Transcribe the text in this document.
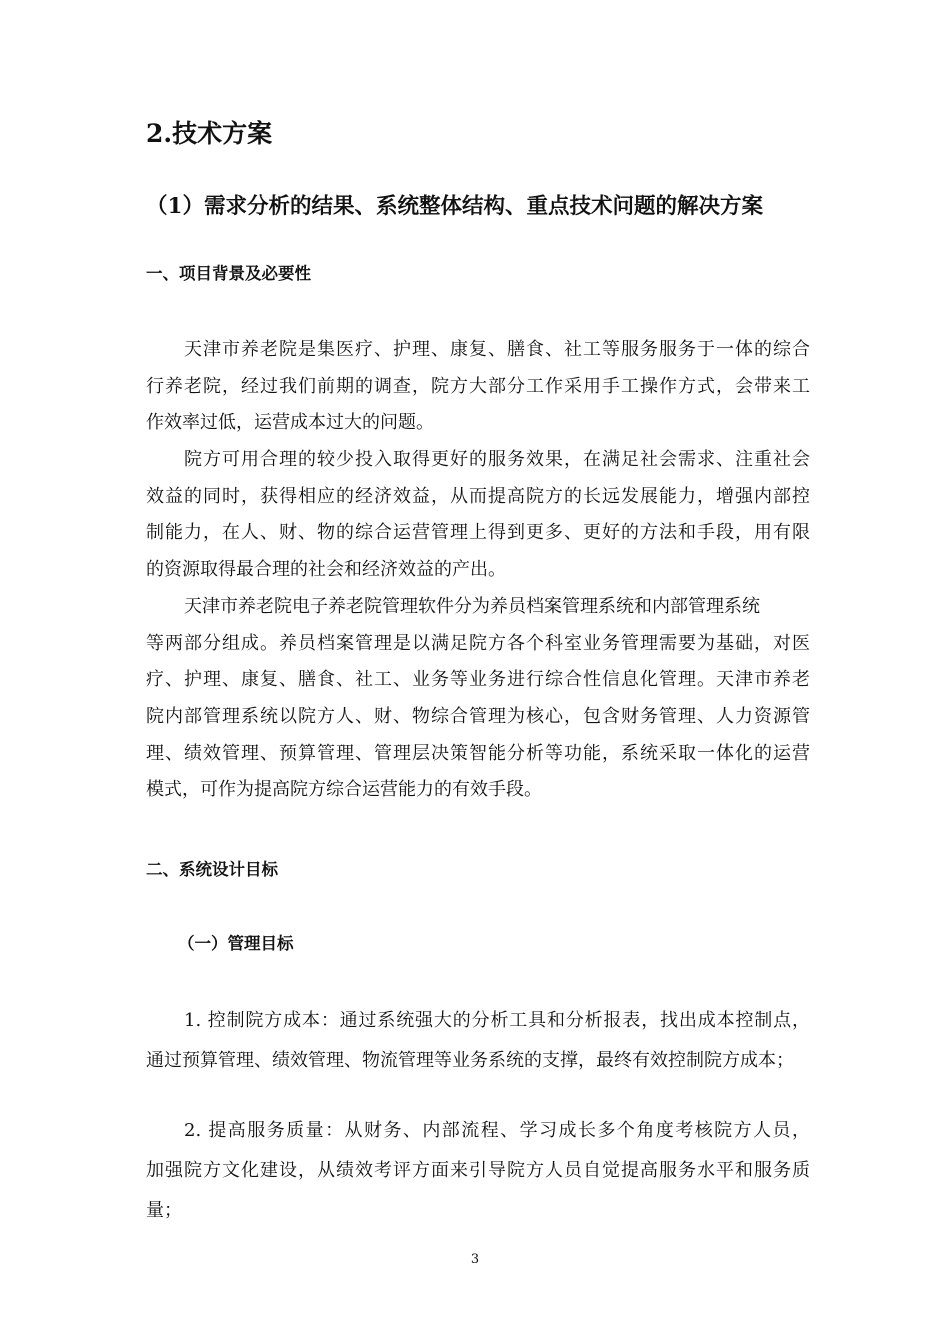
2.技术方案
（1）需求分析的结果、系统整体结构、重点技术问题的解决方案
一、项目背景及必要性
天津市养老院是集医疗、护理、康复、膳食、社工等服务服务于一体的综合
行养老院，经过我们前期的调查，院方大部分工作采用手工操作方式，会带来工
作效率过低，运营成本过大的问题。
院方可用合理的较少投入取得更好的服务效果，在满足社会需求、注重社会
效益的同时，获得相应的经济效益，从而提高院方的长远发展能力，增强内部控
制能力，在人、财、物的综合运营管理上得到更多、更好的方法和手段，用有限
的资源取得最合理的社会和经济效益的产出。
天津市养老院电子养老院管理软件分为养员档案管理系统和内部管理系统
等两部分组成。养员档案管理是以满足院方各个科室业务管理需要为基础，对医
疗、护理、康复、膳食、社工、业务等业务进行综合性信息化管理。天津市养老
院内部管理系统以院方人、财、物综合管理为核心，包含财务管理、人力资源管
理、绩效管理、预算管理、管理层决策智能分析等功能，系统采取一体化的运营
模式，可作为提高院方综合运营能力的有效手段。
二、系统设计目标
（一）管理目标
1. 控制院方成本：通过系统强大的分析工具和分析报表，找出成本控制点，
通过预算管理、绩效管理、物流管理等业务系统的支撑，最终有效控制院方成本；
2. 提高服务质量：从财务、内部流程、学习成长多个角度考核院方人员，
加强院方文化建设，从绩效考评方面来引导院方人员自觉提高服务水平和服务质
量；
3
